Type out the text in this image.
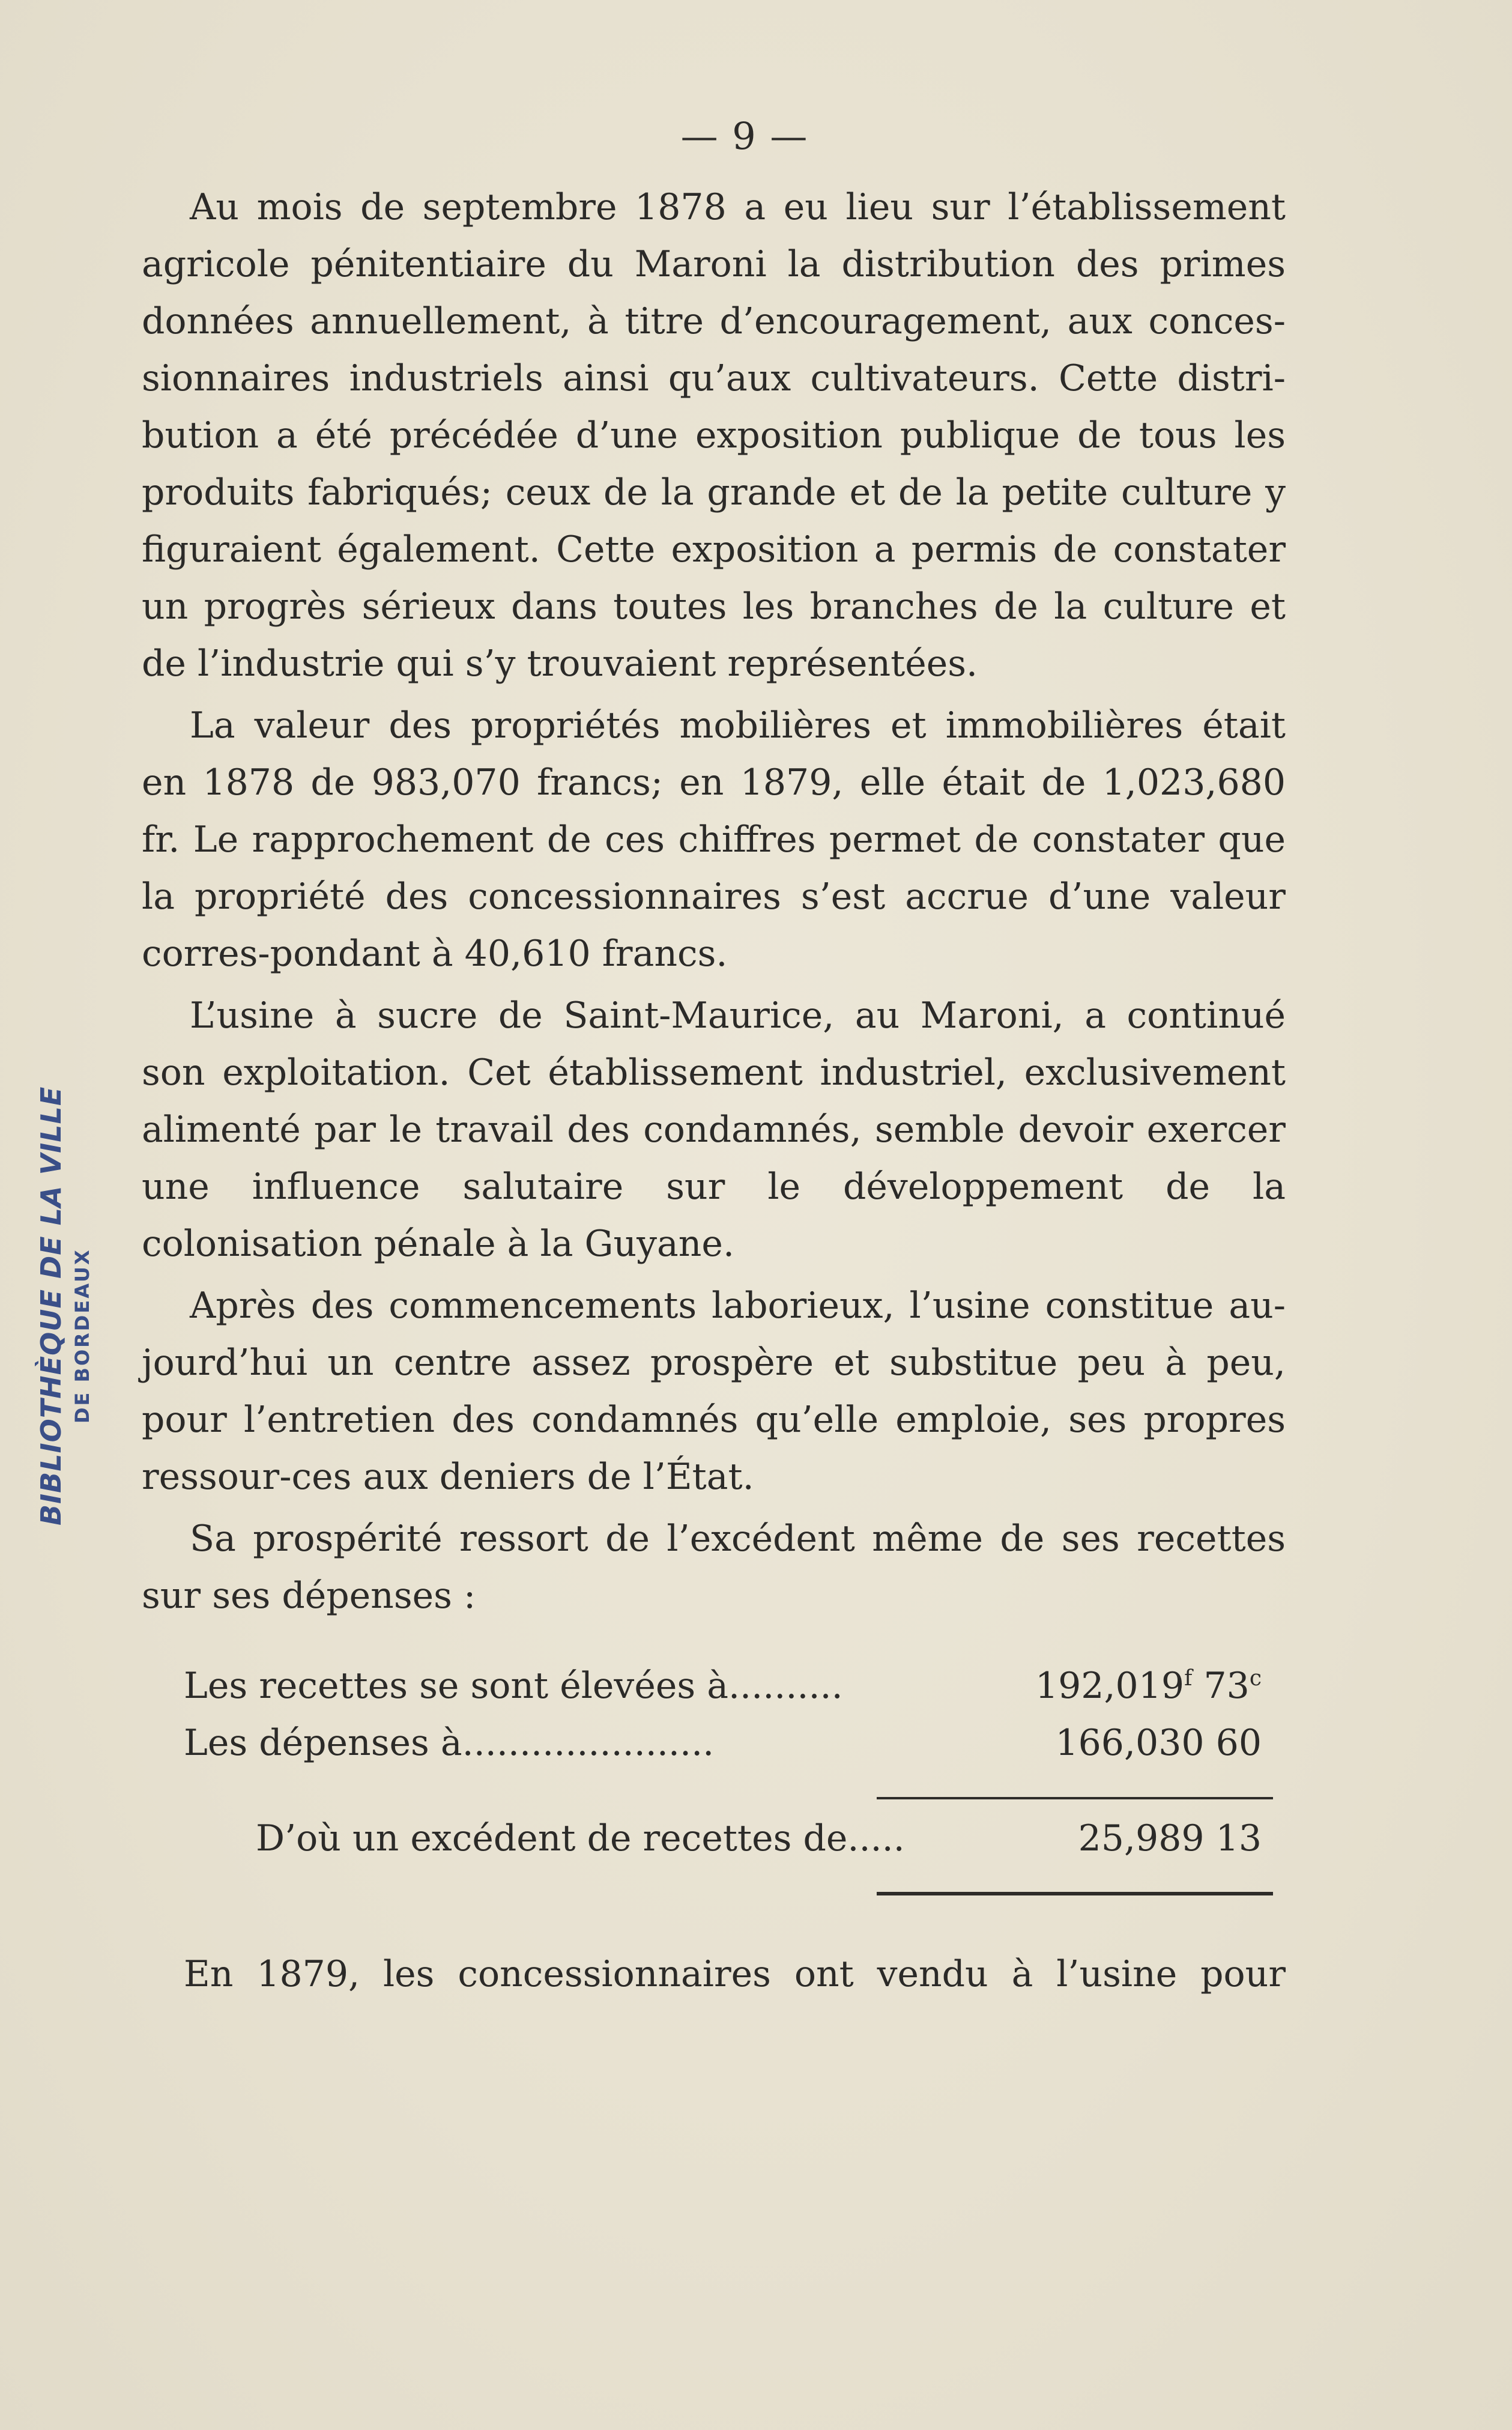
— 9 —
BIBLIOTHÈQUE DE LA VILLE DE BORDEAUX

Au mois de septembre 1878 a eu lieu sur l’établissement agricole pénitentiaire du Maroni la distribution des primes données annuellement, à titre d’encouragement, aux conces-sionnaires industriels ainsi qu’aux cultivateurs. Cette distri-bution a été précédée d’une exposition publique de tous les produits fabriqués; ceux de la grande et de la petite culture y figuraient également. Cette exposition a permis de constater un progrès sérieux dans toutes les branches de la culture et de l’industrie qui s’y trouvaient représentées.

La valeur des propriétés mobilières et immobilières était en 1878 de 983,070 francs; en 1879, elle était de 1,023,680 fr. Le rapprochement de ces chiffres permet de constater que la propriété des concessionnaires s’est accrue d’une valeur corres-pondant à 40,610 francs.

L’usine à sucre de Saint-Maurice, au Maroni, a continué son exploitation. Cet établissement industriel, exclusivement alimenté par le travail des condamnés, semble devoir exercer une influence salutaire sur le développement de la colonisation pénale à la Guyane.

Après des commencements laborieux, l’usine constitue au-jourd’hui un centre assez prospère et substitue peu à peu, pour l’entretien des condamnés qu’elle emploie, ses propres ressour-ces aux deniers de l’État.

Sa prospérité ressort de l’excédent même de ses recettes sur ses dépenses :

Les recettes se sont élevées à..........	192,019$^f$ 73$^c$
Les dépenses à......................	166,030 60
D’où un excédent de recettes de.....	25,989 13
En 1879, les concessionnaires ont vendu à l’usine pour
